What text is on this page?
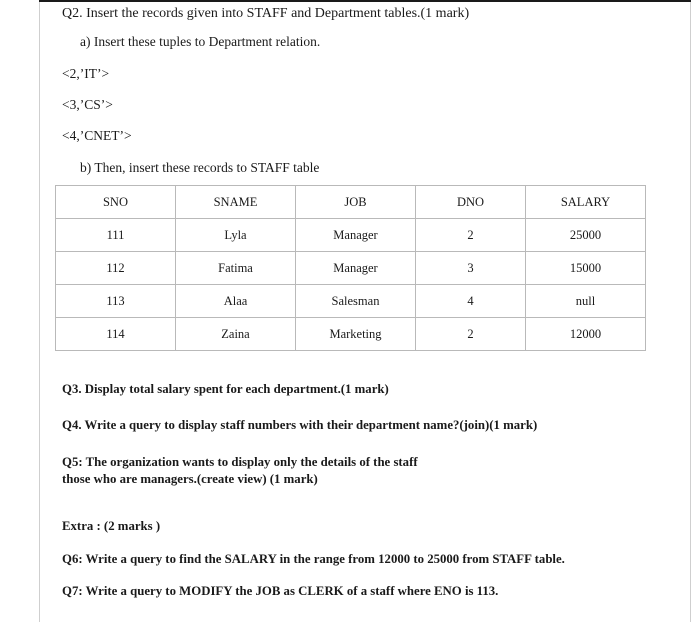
Q2. Insert the records given into STAFF and Department tables.(1 mark)
a) Insert these tuples to Department relation.
<2,’IT’>
<3,’CS’>
<4,’CNET’>
b) Then, insert these records to STAFF table
SNO	SNAME	JOB	DNO	SALARY
111	Lyla	Manager	2	25000
112	Fatima	Manager	3	15000
113	Alaa	Salesman	4	null
114	Zaina	Marketing	2	12000
Q3. Display total salary spent for each department.(1 mark)
Q4. Write a query to display staff numbers with their department name?(join)(1 mark)
Q5: The organization wants to display only the details of the staff
those who are managers.(create view) (1 mark)
Extra : (2 marks )
Q6: Write a query to find the SALARY in the range from 12000 to 25000 from STAFF table.
Q7: Write a query to MODIFY the JOB as CLERK of a staff where ENO is 113.
